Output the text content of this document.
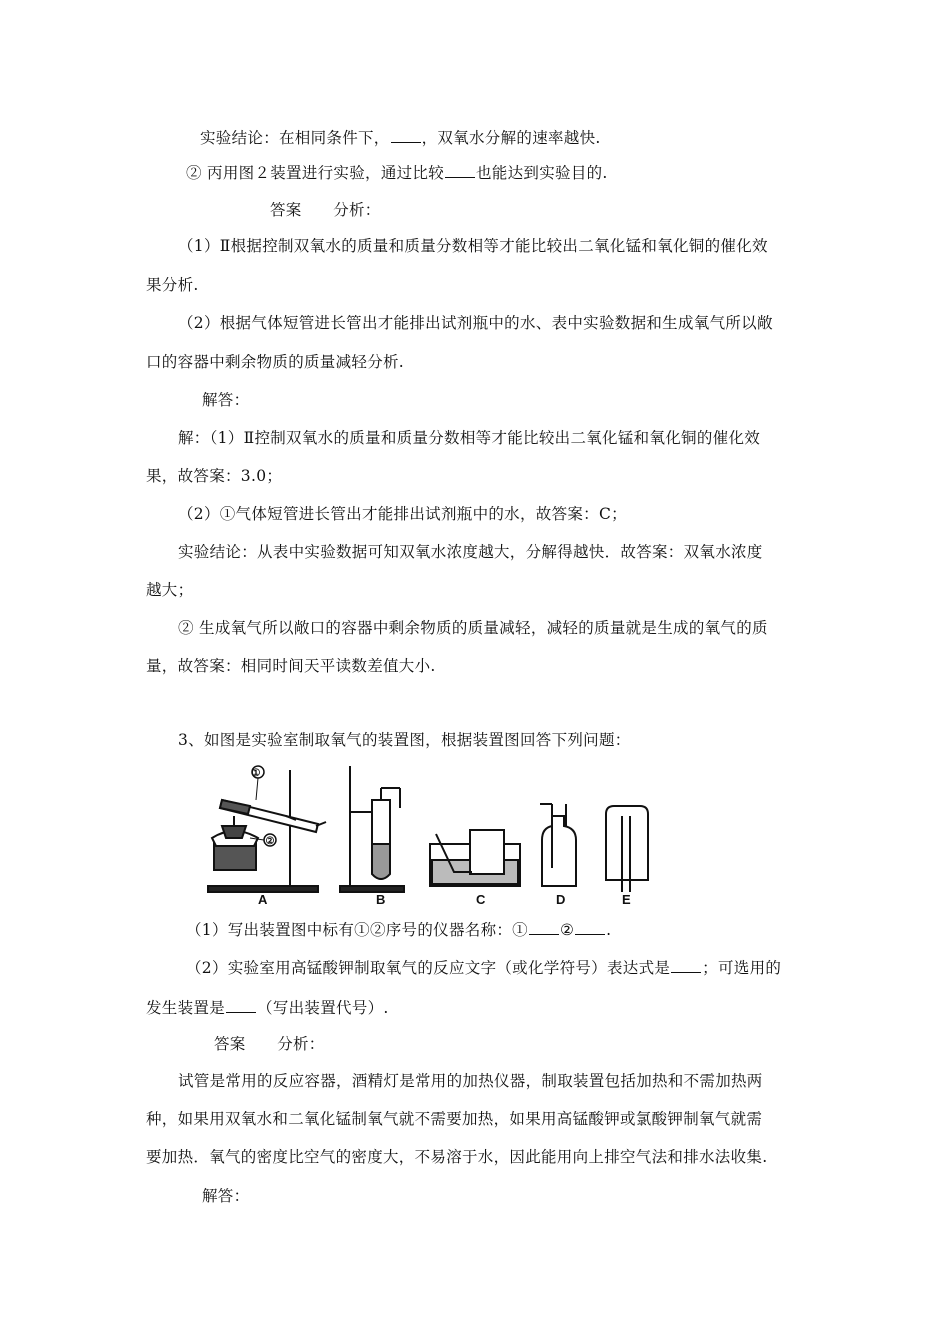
实验结论：在相同条件下， ，双氧水分解的速率越快.
② 丙用图２装置进行实验，通过比较 也能达到实验目的.
答案　　分析：
（1）Ⅱ根据控制双氧水的质量和质量分数相等才能比较出二氧化锰和氧化铜的催化效
果分析.
（2）根据气体短管进长管出才能排出试剂瓶中的水、表中实验数据和生成氧气所以敞
口的容器中剩余物质的质量减轻分析.
解答：
解：（1）Ⅱ控制双氧水的质量和质量分数相等才能比较出二氧化锰和氧化铜的催化效
果，故答案：3.0；
（2）①气体短管进长管出才能排出试剂瓶中的水，故答案：C；
实验结论：从表中实验数据可知双氧水浓度越大，分解得越快．故答案：双氧水浓度
越大；
② 生成氧气所以敞口的容器中剩余物质的质量减轻，减轻的质量就是生成的氧气的质
量，故答案：相同时间天平读数差值大小.
3、如图是实验室制取氧气的装置图，根据装置图回答下列问题：
①
②
A	B	C	D	E
（1）写出装置图中标有①②序号的仪器名称：① ② .
（2）实验室用高锰酸钾制取氧气的反应文字（或化学符号）表达式是 ；可选用的
发生装置是 （写出装置代号）.
答案　　分析：
试管是常用的反应容器，酒精灯是常用的加热仪器，制取装置包括加热和不需加热两
种，如果用双氧水和二氧化锰制氧气就不需要加热，如果用高锰酸钾或氯酸钾制氧气就需
要加热．氧气的密度比空气的密度大，不易溶于水，因此能用向上排空气法和排水法收集.
解答：
